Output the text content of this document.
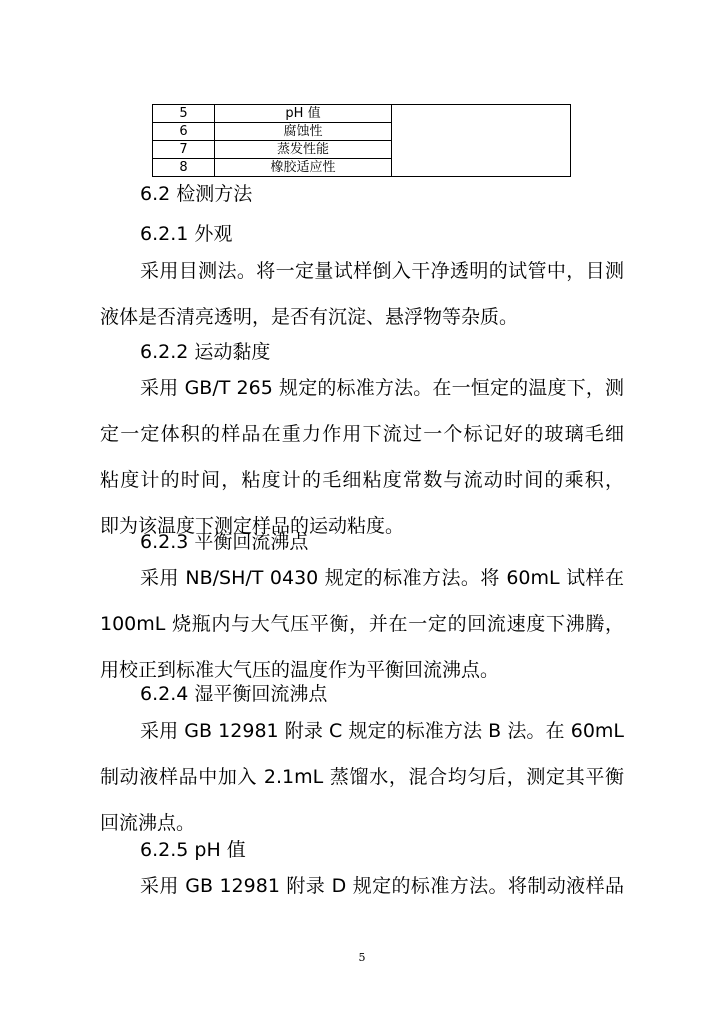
5	pH 值	
6	腐蚀性	
7	蒸发性能	
8	橡胶适应性	
6.2 检测方法
6.2.1 外观
采用目测法。将一定量试样倒入干净透明的试管中，目测
液体是否清亮透明，是否有沉淀、悬浮物等杂质。
6.2.2 运动黏度
采用 GB/T 265 规定的标准方法。在一恒定的温度下，测
定一定体积的样品在重力作用下流过一个标记好的玻璃毛细
粘度计的时间，粘度计的毛细粘度常数与流动时间的乘积，
即为该温度下测定样品的运动粘度。
6.2.3 平衡回流沸点
采用 NB/SH/T 0430 规定的标准方法。将 60mL 试样在
100mL 烧瓶内与大气压平衡，并在一定的回流速度下沸腾，
用校正到标准大气压的温度作为平衡回流沸点。
6.2.4 湿平衡回流沸点
采用 GB 12981 附录 C 规定的标准方法 B 法。在 60mL
制动液样品中加入 2.1mL 蒸馏水，混合均匀后，测定其平衡
回流沸点。
6.2.5 pH 值
采用 GB 12981 附录 D 规定的标准方法。将制动液样品
5
